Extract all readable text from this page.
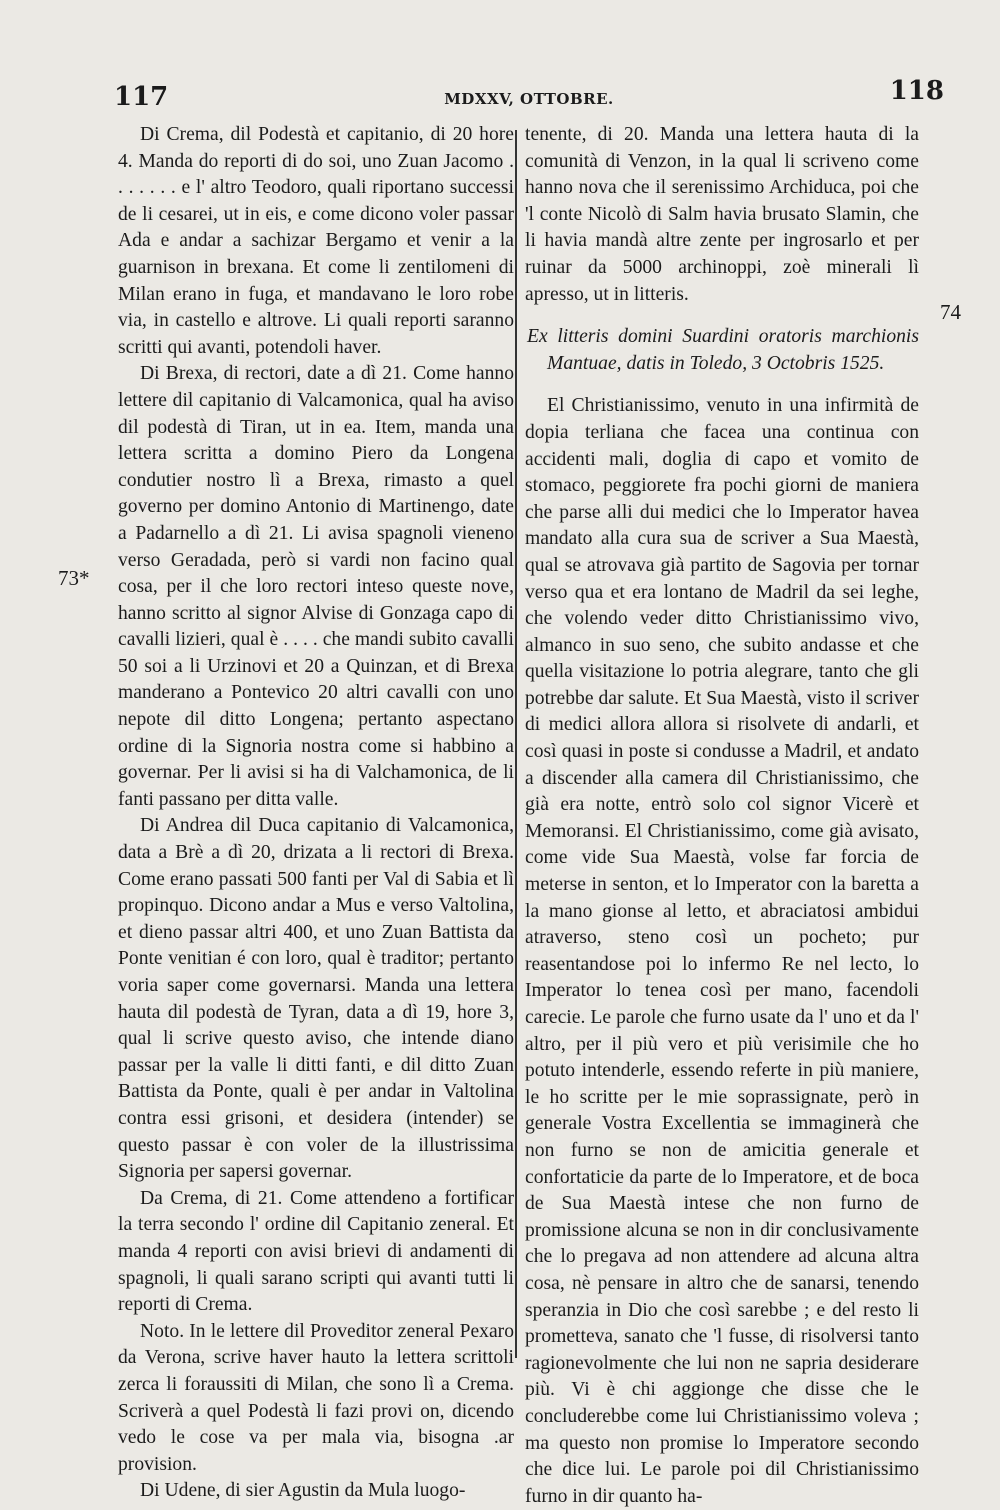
117	MDXXV, OTTOBRE.	118
73*
74

Di Crema, dil Podestà et capitanio, di 20 hore 4. Manda do reporti di do soi, uno Zuan Jacomo . . . . . . . e l' altro Teodoro, quali riportano successi de li cesarei, ut in eis, e come dicono voler passar Ada e andar a sachizar Bergamo et venir a la guarnison in brexana. Et come li zentilomeni di Milan erano in fuga, et mandavano le loro robe via, in castello e altrove. Li quali reporti saranno scritti qui avanti, potendoli haver.

Di Brexa, di rectori, date a dì 21. Come hanno lettere dil capitanio di Valcamonica, qual ha aviso dil podestà di Tiran, ut in ea. Item, manda una lettera scritta a domino Piero da Longena condutier nostro lì a Brexa, rimasto a quel governo per domino Antonio di Martinengo, date a Padarnello a dì 21. Li avisa spagnoli vieneno verso Geradada, però si vardi non facino qual cosa, per il che loro rectori inteso queste nove, hanno scritto al signor Alvise di Gonzaga capo di cavalli lizieri, qual è . . . . che mandi subito cavalli 50 soi a li Urzinovi et 20 a Quinzan, et di Brexa manderano a Pontevico 20 altri cavalli con uno nepote dil ditto Longena; pertanto aspectano ordine di la Signoria nostra come si habbino a governar. Per li avisi si ha di Valchamonica, de li fanti passano per ditta valle.

Di Andrea dil Duca capitanio di Valcamonica, data a Brè a dì 20, drizata a li rectori di Brexa. Come erano passati 500 fanti per Val di Sabia et lì propinquo. Dicono andar a Mus e verso Valtolina, et dieno passar altri 400, et uno Zuan Battista da Ponte venitian é con loro, qual è traditor; pertanto voria saper come governarsi. Manda una lettera hauta dil podestà de Tyran, data a dì 19, hore 3, qual li scrive questo aviso, che intende diano passar per la valle li ditti fanti, e dil ditto Zuan Battista da Ponte, quali è per andar in Valtolina contra essi grisoni, et desidera (intender) se questo passar è con voler de la illustrissima Signoria per sapersi governar.

Da Crema, di 21. Come attendeno a fortificar la terra secondo l' ordine dil Capitanio zeneral. Et manda 4 reporti con avisi brievi di andamenti di spagnoli, li quali sarano scripti qui avanti tutti li reporti di Crema.

Noto. In le lettere dil Proveditor zeneral Pexaro da Verona, scrive haver hauto la lettera scrittoli zerca li foraussiti di Milan, che sono lì a Crema. Scriverà a quel Podestà li fazi provi on, dicendo vedo le cose va per mala via, bisogna .ar provision.

Di Udene, di sier Agustin da Mula luogo-

tenente, di 20. Manda una lettera hauta di la comunità di Venzon, in la qual li scriveno come hanno nova che il serenissimo Archiduca, poi che 'l conte Nicolò di Salm havia brusato Slamin, che li havia mandà altre zente per ingrosarlo et per ruinar da 5000 archinoppi, zoè minerali lì apresso, ut in litteris.

Ex litteris domini Suardini oratoris marchionis Mantuae, datis in Toledo, 3 Octobris 1525.

El Christianissimo, venuto in una infirmità de dopia terliana che facea una continua con accidenti mali, doglia di capo et vomito de stomaco, peggiorete fra pochi giorni de maniera che parse alli dui medici che lo Imperator havea mandato alla cura sua de scriver a Sua Maestà, qual se atrovava già partito de Sagovia per tornar verso qua et era lontano de Madril da sei leghe, che volendo veder ditto Christianissimo vivo, almanco in suo seno, che subito andasse et che quella visitazione lo potria alegrare, tanto che gli potrebbe dar salute. Et Sua Maestà, visto il scriver di medici allora allora si risolvete di andarli, et così quasi in poste si condusse a Madril, et andato a discender alla camera dil Christianissimo, che già era notte, entrò solo col signor Vicerè et Memoransi. El Christianissimo, come già avisato, come vide Sua Maestà, volse far forcia de meterse in senton, et lo Imperator con la baretta a la mano gionse al letto, et abraciatosi ambidui atraverso, steno così un pocheto; pur reasentandose poi lo infermo Re nel lecto, lo Imperator lo tenea così per mano, facendoli carecie. Le parole che furno usate da l' uno et da l' altro, per il più vero et più verisimile che ho potuto intenderle, essendo referte in più maniere, le ho scritte per le mie soprassignate, però in generale Vostra Excellentia se immaginerà che non furno se non de amicitia generale et confortaticie da parte de lo Imperatore, et de boca de Sua Maestà intese che non furno de promissione alcuna se non in dir conclusivamente che lo pregava ad non attendere ad alcuna altra cosa, nè pensare in altro che de sanarsi, tenendo speranzia in Dio che così sarebbe ; e del resto li prometteva, sanato che 'l fusse, di risolversi tanto ragionevolmente che lui non ne sapria desiderare più. Vi è chi aggionge che disse che le concluderebbe come lui Christianissimo voleva ; ma questo non promise lo Imperatore secondo che dice lui. Le parole poi dil Christianissimo furno in dir quanto ha-
